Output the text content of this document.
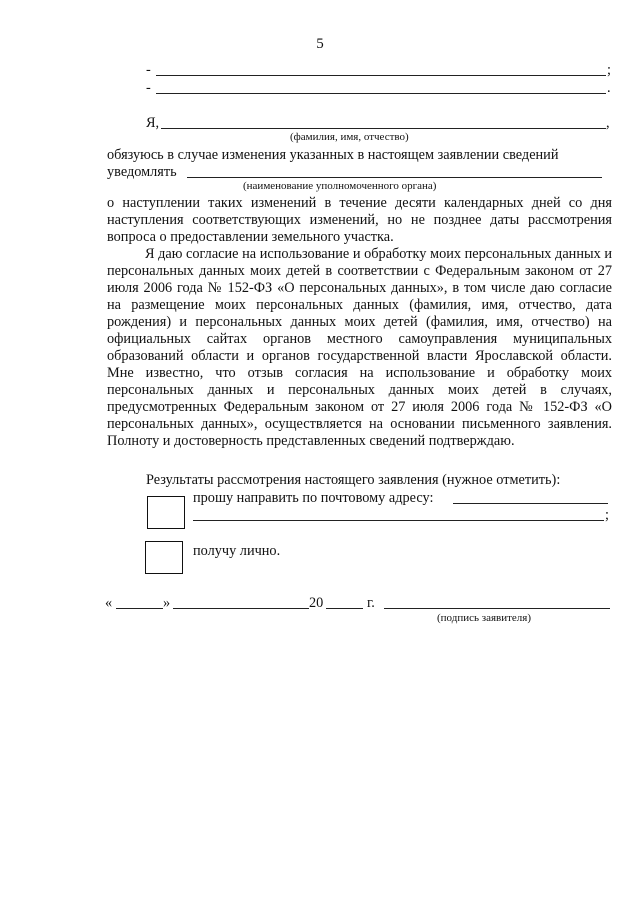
5
-	;
-	.
Я,	,
(фамилия, имя, отчество)
обязуюсь в случае изменения указанных в настоящем заявлении сведений
уведомлять
(наименование уполномоченного органа)
о наступлении таких изменений в течение десяти календарных дней со дня наступления соответствующих изменений, но не позднее даты рассмотрения вопроса о предоставлении земельного участка.
Я даю согласие на использование и обработку моих персональных данных и персональных данных моих детей в соответствии с Федеральным законом от 27 июля 2006 года № 152-ФЗ «О персональных данных», в том числе даю согласие на размещение моих персональных данных (фамилия, имя, отчество, дата рождения) и персональных данных моих детей (фамилия, имя, отчество) на официальных сайтах органов местного самоуправления муниципальных образований области и органов государственной власти Ярославской области. Мне известно, что отзыв согласия на использование и обработку моих персональных данных и персональных данных моих детей в случаях, предусмотренных Федеральным законом от 27 июля 2006 года № 152-ФЗ «О персональных данных», осуществляется на основании письменного заявления. Полноту и достоверность представленных сведений подтверждаю.
Результаты рассмотрения настоящего заявления (нужное отметить):
прошу направить по почтовому адресу:
;
получу лично.
«	»	20	г.
(подпись заявителя)
